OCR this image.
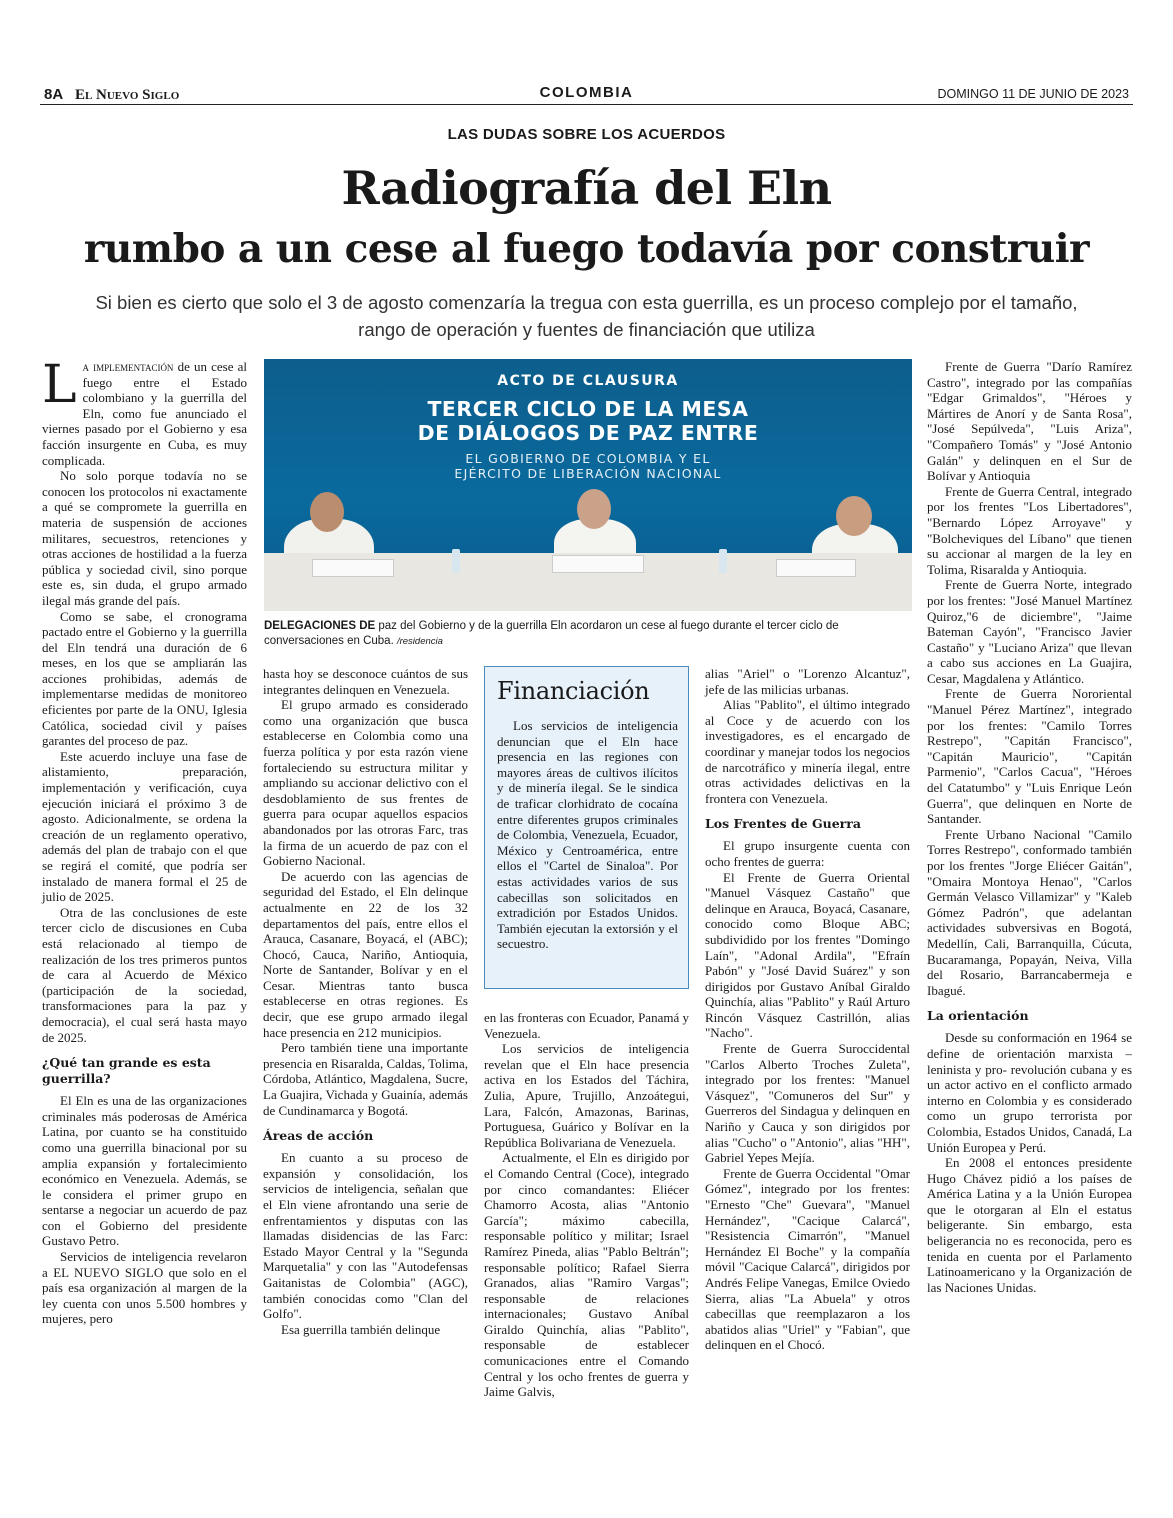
8A El Nuevo Siglo	COLOMBIA	DOMINGO 11 DE JUNIO DE 2023
LAS DUDAS SOBRE LOS ACUERDOS
Radiografía del Eln
rumbo a un cese al fuego todavía por construir
Si bien es cierto que solo el 3 de agosto comenzaría la tregua con esta guerrilla, es un proceso complejo por el tamaño,
rango de operación y fuentes de financiación que utiliza

La implementación de un cese al fuego entre el Estado colombiano y la guerrilla del Eln, como fue anunciado el viernes pasado por el Gobierno y esa facción insurgente en Cuba, es muy complicada.

No solo porque todavía no se conocen los protocolos ni exactamente a qué se compromete la guerrilla en materia de suspensión de acciones militares, secuestros, retenciones y otras acciones de hostilidad a la fuerza pública y sociedad civil, sino porque este es, sin duda, el grupo armado ilegal más grande del país.

Como se sabe, el cronograma pactado entre el Gobierno y la guerrilla del Eln tendrá una duración de 6 meses, en los que se ampliarán las acciones prohibidas, además de implementarse medidas de monitoreo eficientes por parte de la ONU, Iglesia Católica, sociedad civil y países garantes del proceso de paz.

Este acuerdo incluye una fase de alistamiento, preparación, implementación y verificación, cuya ejecución iniciará el próximo 3 de agosto. Adicionalmente, se ordena la creación de un reglamento operativo, además del plan de trabajo con el que se regirá el comité, que podría ser instalado de manera formal el 25 de julio de 2025.

Otra de las conclusiones de este tercer ciclo de discusiones en Cuba está relacionado al tiempo de realización de los tres primeros puntos de cara al Acuerdo de México (participación de la sociedad, transformaciones para la paz y democracia), el cual será hasta mayo de 2025.

¿Qué tan grande es esta guerrilla?

El Eln es una de las organizaciones criminales más poderosas de América Latina, por cuanto se ha constituido como una guerrilla binacional por su amplia expansión y fortalecimiento económico en Venezuela. Además, se le considera el primer grupo en sentarse a negociar un acuerdo de paz con el Gobierno del presidente Gustavo Petro.

Servicios de inteligencia revelaron a EL NUEVO SIGLO que solo en el país esa organización al margen de la ley cuenta con unos 5.500 hombres y mujeres, pero

ACTO DE CLAUSURA
TERCER CICLO DE LA MESA
DE DIÁLOGOS DE PAZ ENTRE
EL GOBIERNO DE COLOMBIA Y EL
EJÉRCITO DE LIBERACIÓN NACIONAL
DELEGACIONES DE paz del Gobierno y de la guerrilla Eln acordaron un cese al fuego durante el tercer ciclo de conversaciones en Cuba. /residencia

hasta hoy se desconoce cuántos de sus integrantes delinquen en Venezuela.

El grupo armado es considerado como una organización que busca establecerse en Colombia como una fuerza política y por esta razón viene fortaleciendo su estructura militar y ampliando su accionar delictivo con el desdoblamiento de sus frentes de guerra para ocupar aquellos espacios abandonados por las otroras Farc, tras la firma de un acuerdo de paz con el Gobierno Nacional.

De acuerdo con las agencias de seguridad del Estado, el Eln delinque actualmente en 22 de los 32 departamentos del país, entre ellos el Arauca, Casanare, Boyacá, el (ABC); Chocó, Cauca, Nariño, Antioquia, Norte de Santander, Bolívar y en el Cesar. Mientras tanto busca establecerse en otras regiones. Es decir, que ese grupo armado ilegal hace presencia en 212 municipios.

Pero también tiene una importante presencia en Risaralda, Caldas, Tolima, Córdoba, Atlántico, Magdalena, Sucre, La Guajira, Vichada y Guainía, además de Cundinamarca y Bogotá.

Áreas de acción

En cuanto a su proceso de expansión y consolidación, los servicios de inteligencia, señalan que el Eln viene afrontando una serie de enfrentamientos y disputas con las llamadas disidencias de las Farc: Estado Mayor Central y la "Segunda Marquetalia" y con las "Autodefensas Gaitanistas de Colombia" (AGC), también conocidas como "Clan del Golfo".

Esa guerrilla también delinque

Financiación
Los servicios de inteligencia denuncian que el Eln hace presencia en las regiones con mayores áreas de cultivos ilícitos y de minería ilegal. Se le sindica de traficar clorhidrato de cocaína entre diferentes grupos criminales de Colombia, Venezuela, Ecuador, México y Centroamérica, entre ellos el "Cartel de Sinaloa". Por estas actividades varios de sus cabecillas son solicitados en extradición por Estados Unidos. También ejecutan la extorsión y el secuestro.

en las fronteras con Ecuador, Panamá y Venezuela.

Los servicios de inteligencia revelan que el Eln hace presencia activa en los Estados del Táchira, Zulia, Apure, Trujillo, Anzoátegui, Lara, Falcón, Amazonas, Barinas, Portuguesa, Guárico y Bolívar en la República Bolivariana de Venezuela.

Actualmente, el Eln es dirigido por el Comando Central (Coce), integrado por cinco comandantes: Eliécer Chamorro Acosta, alias "Antonio García"; máximo cabecilla, responsable político y militar; Israel Ramírez Pineda, alias "Pablo Beltrán"; responsable político; Rafael Sierra Granados, alias "Ramiro Vargas"; responsable de relaciones internacionales; Gustavo Aníbal Giraldo Quinchía, alias "Pablito", responsable de establecer comunicaciones entre el Comando Central y los ocho frentes de guerra y Jaime Galvis,

alias "Ariel" o "Lorenzo Alcantuz", jefe de las milicias urbanas.

Alias "Pablito", el último integrado al Coce y de acuerdo con los investigadores, es el encargado de coordinar y manejar todos los negocios de narcotráfico y minería ilegal, entre otras actividades delictivas en la frontera con Venezuela.

Los Frentes de Guerra

El grupo insurgente cuenta con ocho frentes de guerra:

El Frente de Guerra Oriental "Manuel Vásquez Castaño" que delinque en Arauca, Boyacá, Casanare, conocido como Bloque ABC; subdividido por los frentes "Domingo Laín", "Adonal Ardila", "Efraín Pabón" y "José David Suárez" y son dirigidos por Gustavo Aníbal Giraldo Quinchía, alias "Pablito" y Raúl Arturo Rincón Vásquez Castrillón, alias "Nacho".

Frente de Guerra Suroccidental "Carlos Alberto Troches Zuleta", integrado por los frentes: "Manuel Vásquez", "Comuneros del Sur" y Guerreros del Sindagua y delinquen en Nariño y Cauca y son dirigidos por alias "Cucho" o "Antonio", alias "HH", Gabriel Yepes Mejía.

Frente de Guerra Occidental "Omar Gómez", integrado por los frentes: "Ernesto "Che" Guevara", "Manuel Hernández", "Cacique Calarcá", "Resistencia Cimarrón", "Manuel Hernández El Boche" y la compañía móvil "Cacique Calarcá", dirigidos por Andrés Felipe Vanegas, Emilce Oviedo Sierra, alias "La Abuela" y otros cabecillas que reemplazaron a los abatidos alias "Uriel" y "Fabian", que delinquen en el Chocó.

Frente de Guerra "Darío Ramírez Castro", integrado por las compañías "Edgar Grimaldos", "Héroes y Mártires de Anorí y de Santa Rosa", "José Sepúlveda", "Luis Ariza", "Compañero Tomás" y "José Antonio Galán" y delinquen en el Sur de Bolívar y Antioquia

Frente de Guerra Central, integrado por los frentes "Los Libertadores", "Bernardo López Arroyave" y "Bolcheviques del Líbano" que tienen su accionar al margen de la ley en Tolima, Risaralda y Antioquia.

Frente de Guerra Norte, integrado por los frentes: "José Manuel Martínez Quiroz,"6 de diciembre", "Jaime Bateman Cayón", "Francisco Javier Castaño" y "Luciano Ariza" que llevan a cabo sus acciones en La Guajira, Cesar, Magdalena y Atlántico.

Frente de Guerra Nororiental "Manuel Pérez Martínez", integrado por los frentes: "Camilo Torres Restrepo", "Capitán Francisco", "Capitán Mauricio", "Capitán Parmenio", "Carlos Cacua", "Héroes del Catatumbo" y "Luis Enrique León Guerra", que delinquen en Norte de Santander.

Frente Urbano Nacional "Camilo Torres Restrepo", conformado también por los frentes "Jorge Eliécer Gaitán", "Omaira Montoya Henao", "Carlos Germán Velasco Villamizar" y "Kaleb Gómez Padrón", que adelantan actividades subversivas en Bogotá, Medellín, Cali, Barranquilla, Cúcuta, Bucaramanga, Popayán, Neiva, Villa del Rosario, Barrancabermeja e Ibagué.

La orientación

Desde su conformación en 1964 se define de orientación marxista – leninista y pro- revolución cubana y es un actor activo en el conflicto armado interno en Colombia y es considerado como un grupo terrorista por Colombia, Estados Unidos, Canadá, La Unión Europea y Perú.

En 2008 el entonces presidente Hugo Chávez pidió a los países de América Latina y a la Unión Europea que le otorgaran al Eln el estatus beligerante. Sin embargo, esta beligerancia no es reconocida, pero es tenida en cuenta por el Parlamento Latinoamericano y la Organización de las Naciones Unidas.
